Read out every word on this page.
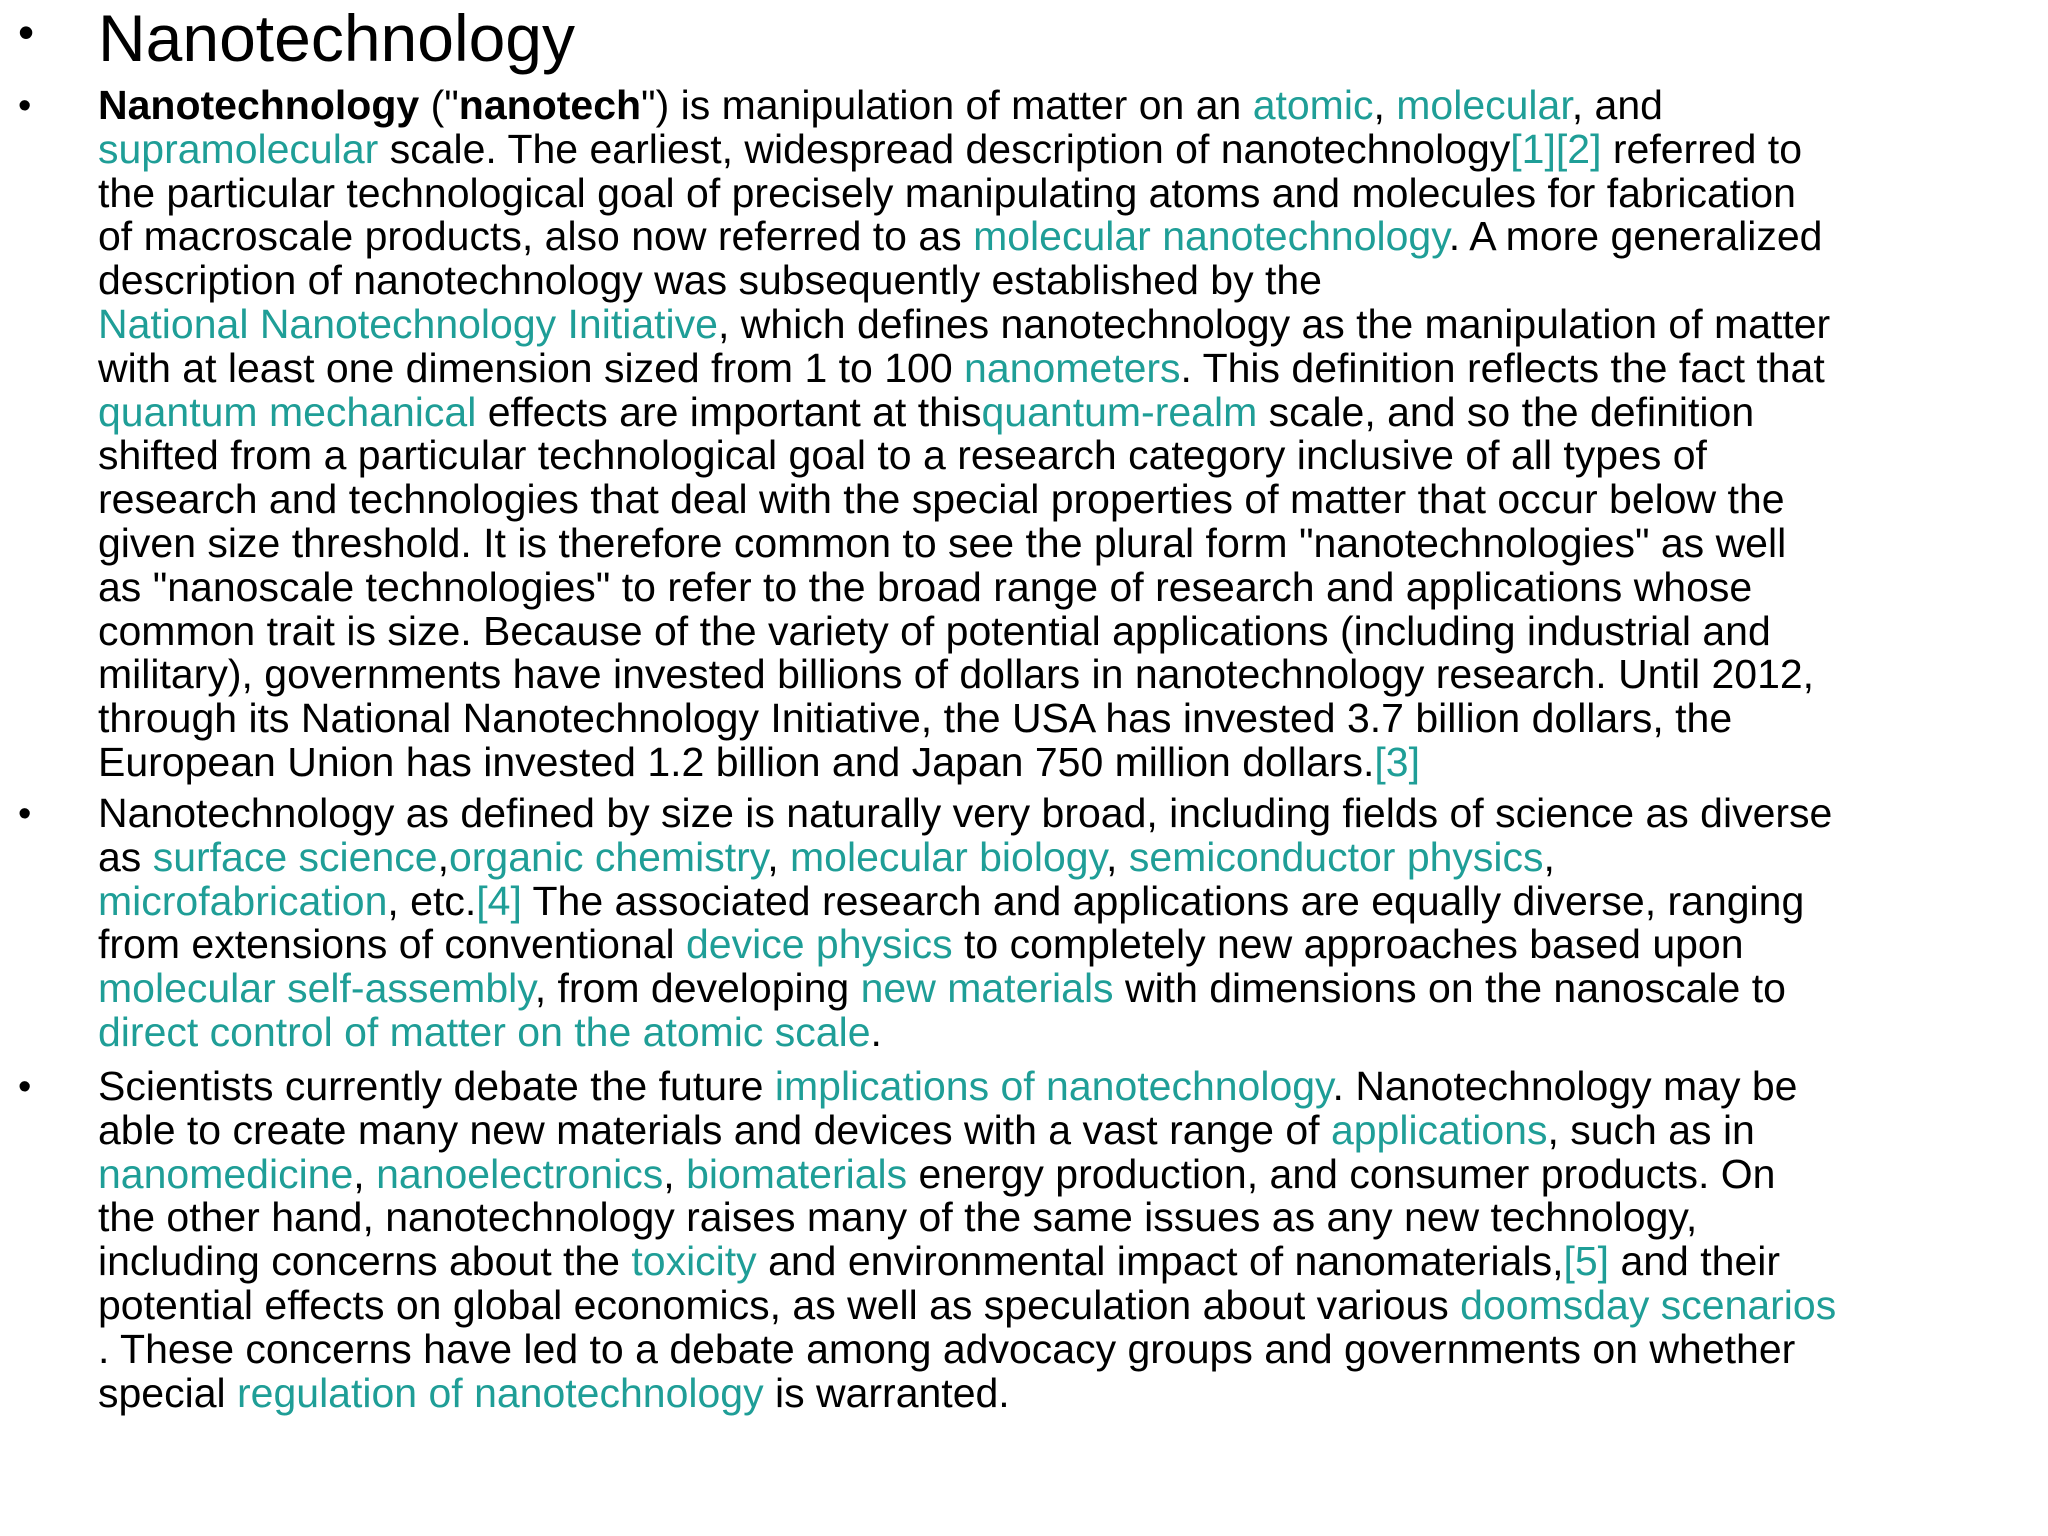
• Nanotechnology
• Nanotechnology ("nanotech") is manipulation of matter on an atomic, molecular, and
supramolecular scale. The earliest, widespread description of nanotechnology[1][2] referred to
the particular technological goal of precisely manipulating atoms and molecules for fabrication
of macroscale products, also now referred to as molecular nanotechnology. A more generalized
description of nanotechnology was subsequently established by the
National Nanotechnology Initiative, which defines nanotechnology as the manipulation of matter
with at least one dimension sized from 1 to 100 nanometers. This definition reflects the fact that
quantum mechanical effects are important at thisquantum-realm scale, and so the definition
shifted from a particular technological goal to a research category inclusive of all types of
research and technologies that deal with the special properties of matter that occur below the
given size threshold. It is therefore common to see the plural form "nanotechnologies" as well
as "nanoscale technologies" to refer to the broad range of research and applications whose
common trait is size. Because of the variety of potential applications (including industrial and
military), governments have invested billions of dollars in nanotechnology research. Until 2012,
through its National Nanotechnology Initiative, the USA has invested 3.7 billion dollars, the
European Union has invested 1.2 billion and Japan 750 million dollars.[3]
• Nanotechnology as defined by size is naturally very broad, including fields of science as diverse
as surface science,organic chemistry, molecular biology, semiconductor physics,
microfabrication, etc.[4] The associated research and applications are equally diverse, ranging
from extensions of conventional device physics to completely new approaches based upon
molecular self-assembly, from developing new materials with dimensions on the nanoscale to
direct control of matter on the atomic scale.
• Scientists currently debate the future implications of nanotechnology. Nanotechnology may be
able to create many new materials and devices with a vast range of applications, such as in
nanomedicine, nanoelectronics, biomaterials energy production, and consumer products. On
the other hand, nanotechnology raises many of the same issues as any new technology,
including concerns about the toxicity and environmental impact of nanomaterials,[5] and their
potential effects on global economics, as well as speculation about various doomsday scenarios
. These concerns have led to a debate among advocacy groups and governments on whether
special regulation of nanotechnology is warranted.
